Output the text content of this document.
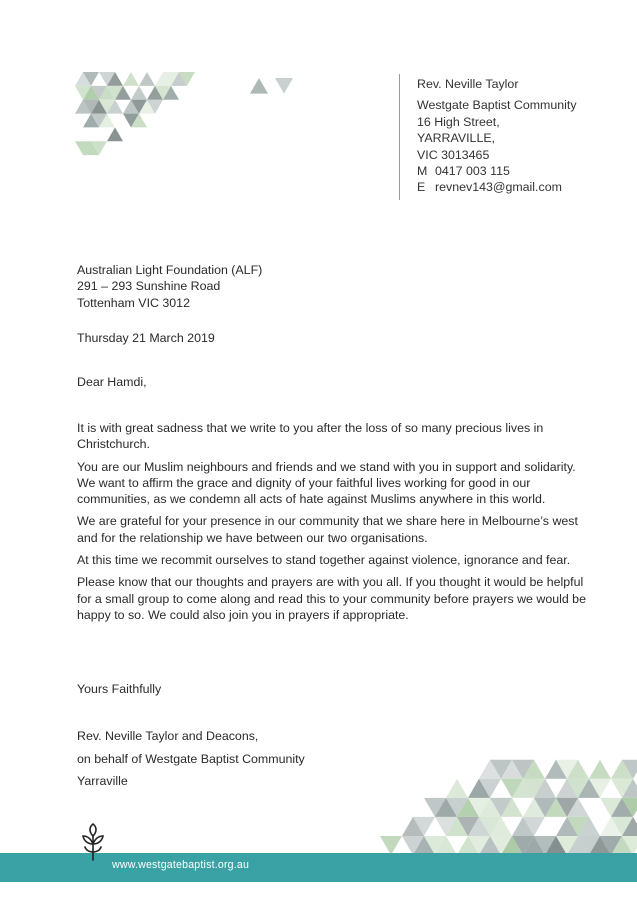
Rev. Neville Taylor
Westgate Baptist Community
16 High Street,
YARRAVILLE,
VIC 3013465
M 0417 003 115
E revnev143@gmail.com
Australian Light Foundation (ALF)
291 – 293 Sunshine Road
Tottenham VIC 3012
Thursday 21 March 2019
Dear Hamdi,

It is with great sadness that we write to you after the loss of so many precious lives in Christchurch.

You are our Muslim neighbours and friends and we stand with you in support and solidarity. We want to affirm the grace and dignity of your faithful lives working for good in our communities, as we condemn all acts of hate against Muslims anywhere in this world.

We are grateful for your presence in our community that we share here in Melbourne’s west and for the relationship we have between our two organisations.

At this time we recommit ourselves to stand together against violence, ignorance and fear.

Please know that our thoughts and prayers are with you all. If you thought it would be helpful for a small group to come along and read this to your community before prayers we would be happy to so. We could also join you in prayers if appropriate.

Yours Faithfully
Rev. Neville Taylor and Deacons,
on behalf of Westgate Baptist Community
Yarraville
www.westgatebaptist.org.au
